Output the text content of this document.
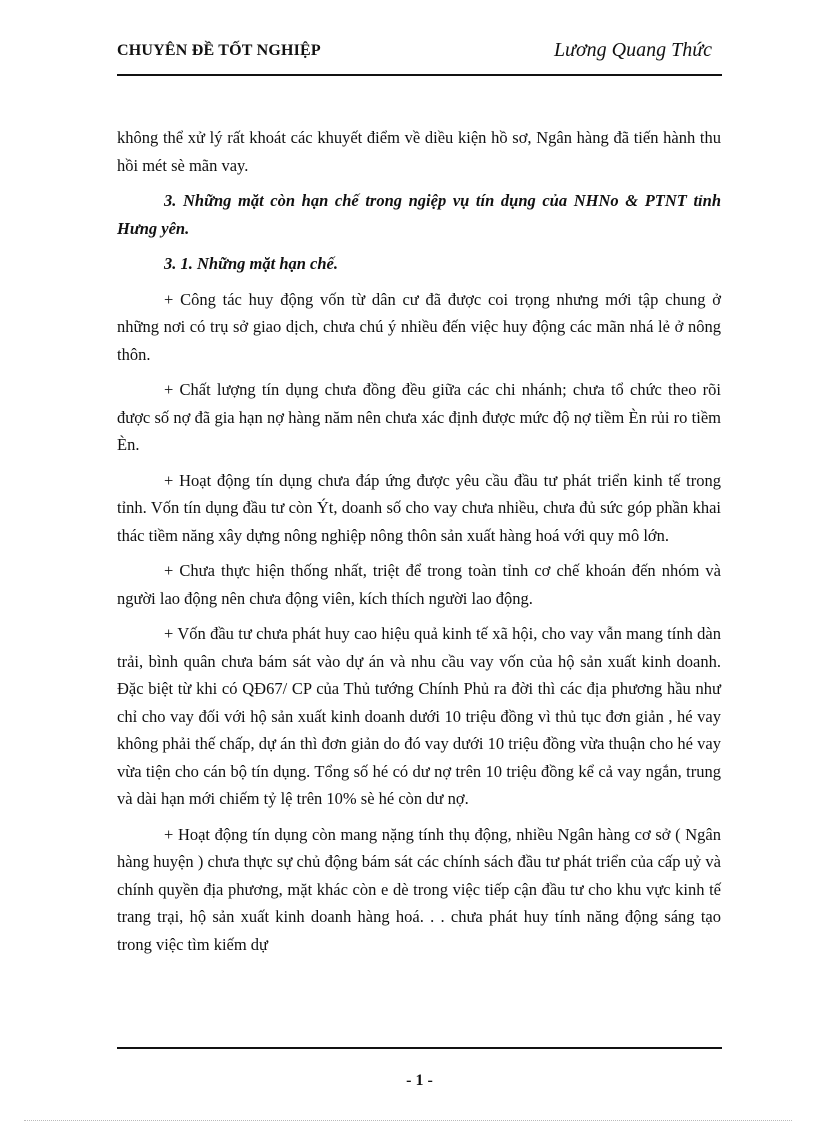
CHUYÊN ĐỀ TỐT NGHIỆP	Lương Quang Thức

không thể xử lý rất khoát các khuyết điểm về diều kiện hồ sơ, Ngân hàng đã tiến hành thu hồi mét sè mãn vay.

3. Những mặt còn hạn chế trong ngiệp vụ tín dụng của NHNo & PTNT tỉnh Hưng yên.

3. 1. Những mặt hạn chế.

+ Công tác huy động vốn từ dân cư đã được coi trọng nhưng mới tập chung ở những nơi có trụ sở giao dịch, chưa chú ý nhiều đến việc huy động các mãn nhá lẻ ở nông thôn.

+ Chất lượng tín dụng chưa đồng đều giữa các chi nhánh; chưa tổ chức theo rõi được số nợ đã gia hạn nợ hàng năm nên chưa xác định được mức độ nợ tiềm Èn rủi ro tiềm Èn.

+ Hoạt động tín dụng chưa đáp ứng được yêu cầu đầu tư phát triển kinh tế trong tỉnh. Vốn tín dụng đầu tư còn Ýt, doanh số cho vay chưa nhiều, chưa đủ sức góp phần khai thác tiềm năng xây dựng nông nghiệp nông thôn sản xuất hàng hoá với quy mô lớn.

+ Chưa thực hiện thống nhất, triệt để trong toàn tỉnh cơ chế khoán đến nhóm và người lao động nên chưa động viên, kích thích người lao động.

+ Vốn đầu tư chưa phát huy cao hiệu quả kinh tế xã hội, cho vay vẫn mang tính dàn trải, bình quân chưa bám sát vào dự án và nhu cầu vay vốn của hộ sản xuất kinh doanh. Đặc biệt từ khi có QĐ67/ CP của Thủ tướng Chính Phủ ra đời thì các địa phương hầu như chỉ cho vay đối với hộ sản xuất kinh doanh dưới 10 triệu đồng vì thủ tục đơn giản , hé vay không phải thế chấp, dự án thì đơn giản do đó vay dưới 10 triệu đồng vừa thuận cho hé vay vừa tiện cho cán bộ tín dụng. Tổng số hé có dư nợ trên 10 triệu đồng kể cả vay ngắn, trung và dài hạn mới chiếm tỷ lệ trên 10% sè hé còn dư nợ.

+ Hoạt động tín dụng còn mang nặng tính thụ động, nhiều Ngân hàng cơ sở ( Ngân hàng huyện ) chưa thực sự chủ động bám sát các chính sách đầu tư phát triển của cấp uỷ và chính quyền địa phương, mặt khác còn e dè trong việc tiếp cận đầu tư cho khu vực kinh tế trang trại, hộ sản xuất kinh doanh hàng hoá. . . chưa phát huy tính năng động sáng tạo trong việc tìm kiếm dự

- 1 -
